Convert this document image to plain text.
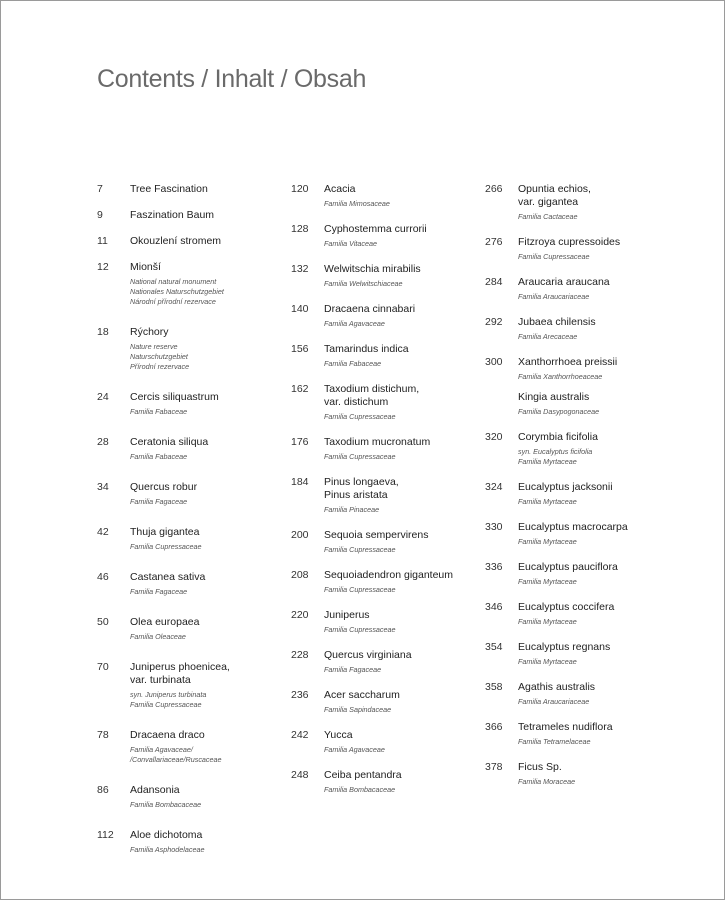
Contents / Inhalt / Obsah
7	Tree Fascination
9	Faszination Baum
11 Okouzlení stromem
12 Mionší
National natural monument
Nationales Naturschutzgebiet
Národní přírodní rezervace
18 Rýchory
Nature reserve
Naturschutzgebiet
Přírodní rezervace
24 Cercis siliquastrum
Familia Fabaceae
28 Ceratonia siliqua
Familia Fabaceae
34 Quercus robur
Familia Fagaceae
42 Thuja gigantea
Familia Cupressaceae
46 Castanea sativa
Familia Fagaceae
50 Olea europaea
Familia Oleaceae
70 Juniperus phoenicea,
var. turbinata
syn. Juniperus turbinata
Familia Cupressaceae
78 Dracaena draco
Familia Agavaceae/
/Convallariaceae/Ruscaceae
86 Adansonia
Familia Bombacaceae
112 Aloe dichotoma
Familia Asphodelaceae
120 Acacia
Familia Mimosaceae
128 Cyphostemma currorii
Familia Vitaceae
132 Welwitschia mirabilis
Familia Welwitschiaceae
140 Dracaena cinnabari
Familia Agavaceae
156 Tamarindus indica
Familia Fabaceae
162 Taxodium distichum,
var. distichum
Familia Cupressaceae
176 Taxodium mucronatum
Familia Cupressaceae
184 Pinus longaeva,
Pinus aristata
Familia Pinaceae
200 Sequoia sempervirens
Familia Cupressaceae
208 Sequoiadendron giganteum
Familia Cupressaceae
220 Juniperus
Familia Cupressaceae
228 Quercus virginiana
Familia Fagaceae
236 Acer saccharum
Familia Sapindaceae
242 Yucca
Familia Agavaceae
248 Ceiba pentandra
Familia Bombacaceae
266 Opuntia echios,
var. gigantea
Familia Cactaceae
276 Fitzroya cupressoides
Familia Cupressaceae
284 Araucaria araucana
Familia Araucariaceae
292 Jubaea chilensis
Familia Arecaceae
300 Xanthorrhoea preissii
Familia Xanthorrhoeaceae
Kingia australis
Familia Dasypogonaceae
320 Corymbia ficifolia
syn. Eucalyptus ficifolia
Familia Myrtaceae
324 Eucalyptus jacksonii
Familia Myrtaceae
330 Eucalyptus macrocarpa
Familia Myrtaceae
336 Eucalyptus pauciflora
Familia Myrtaceae
346 Eucalyptus coccifera
Familia Myrtaceae
354 Eucalyptus regnans
Familia Myrtaceae
358 Agathis australis
Familia Araucariaceae
366 Tetrameles nudiflora
Familia Tetramelaceae
378 Ficus Sp.
Familia Moraceae
